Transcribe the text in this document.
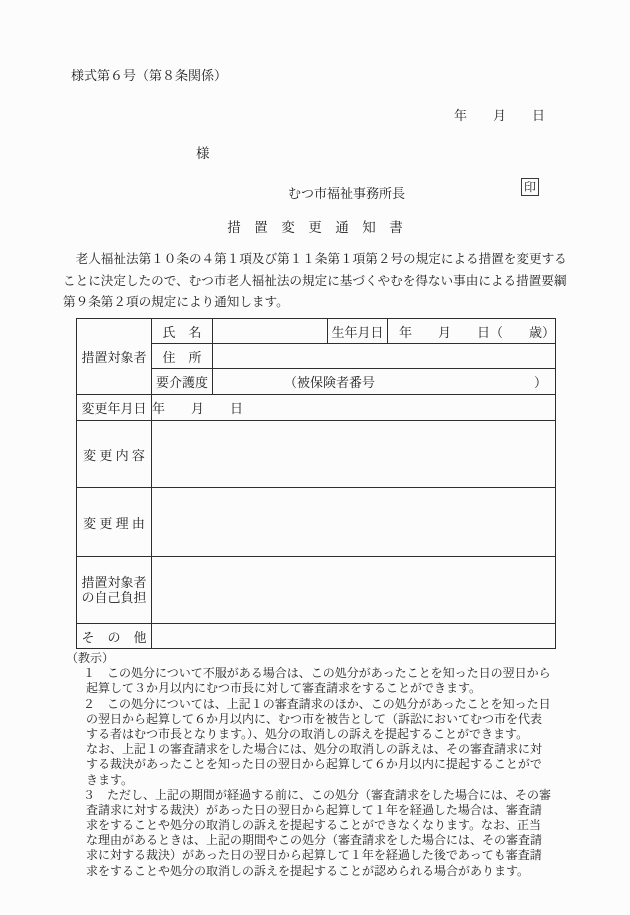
様式第６号（第８条関係）
年　　月　　日
様
むつ市福祉事務所長	印
措　置　変　更　通　知　書
　老人福祉法第１０条の４第１項及び第１１条第１項第２号の規定による措置を変更する
ことに決定したので、むつ市老人福祉法の規定に基づくやむを得ない事由による措置要綱
第９条第２項の規定により通知します。
措置対象者	氏　名		生年月日	年　　月　　日（　　歳）
	住　所			
	要介護度	（被保険者番号 ）		

変更年月日	年　　月　　日			
変 更 内 容				
変 更 理 由				

措置対象者
の自己負担				

そ　の　他				
（教示）
１　この処分について不服がある場合は、この処分があったことを知った日の翌日から
起算して３か月以内にむつ市長に対して審査請求をすることができます。
２　この処分については、上記１の審査請求のほか、この処分があったことを知った日
の翌日から起算して６か月以内に、むつ市を被告として（訴訟においてむつ市を代表
する者はむつ市長となります。）、処分の取消しの訴えを提起することができます。
なお、上記１の審査請求をした場合には、処分の取消しの訴えは、その審査請求に対
する裁決があったことを知った日の翌日から起算して６か月以内に提起することがで
きます。
３　ただし、上記の期間が経過する前に、この処分（審査請求をした場合には、その審
査請求に対する裁決）があった日の翌日から起算して１年を経過した場合は、審査請
求をすることや処分の取消しの訴えを提起することができなくなります。なお、正当
な理由があるときは、上記の期間やこの処分（審査請求をした場合には、その審査請
求に対する裁決）があった日の翌日から起算して１年を経過した後であっても審査請
求をすることや処分の取消しの訴えを提起することが認められる場合があります。
